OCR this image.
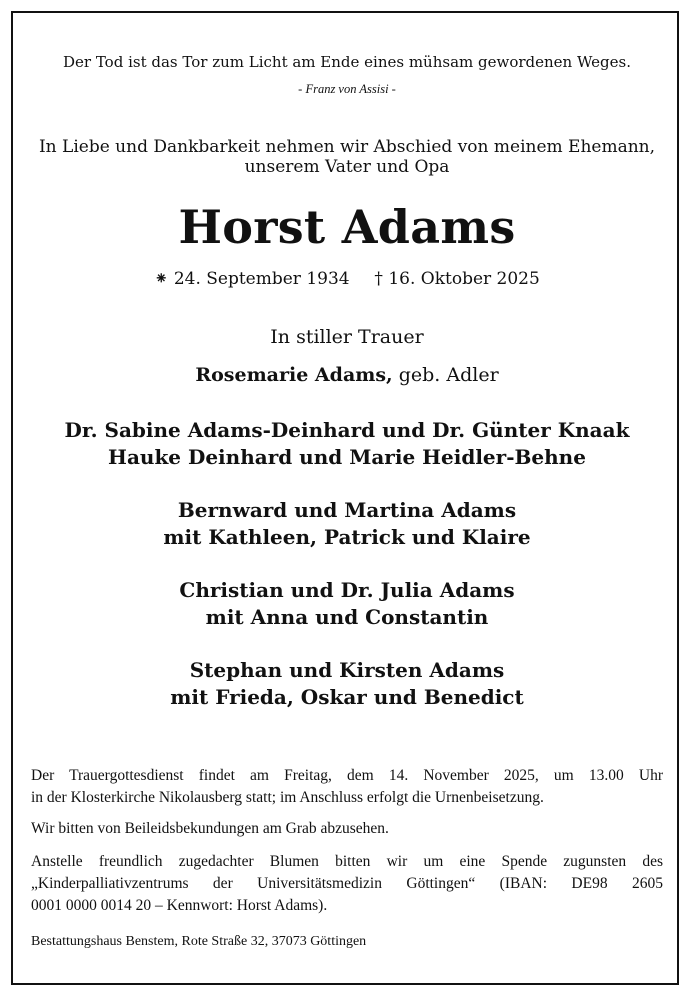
Der Tod ist das Tor zum Licht am Ende eines mühsam gewordenen Weges.
- Franz von Assisi -
In Liebe und Dankbarkeit nehmen wir Abschied von meinem Ehemann,
unserem Vater und Opa
Horst Adams
⁕ 24. September 1934 † 16. Oktober 2025
In stiller Trauer
Rosemarie Adams, geb. Adler
Dr. Sabine Adams-Deinhard und Dr. Günter Knaak
Hauke Deinhard und Marie Heidler-Behne
Bernward und Martina Adams
mit Kathleen, Patrick und Klaire
Christian und Dr. Julia Adams
mit Anna und Constantin
Stephan und Kirsten Adams
mit Frieda, Oskar und Benedict
Der Trauergottesdienst findet am Freitag, dem 14. November 2025, um 13.00 Uhr
in der Klosterkirche Nikolausberg statt; im Anschluss erfolgt die Urnenbeisetzung.
Wir bitten von Beileidsbekundungen am Grab abzusehen.
Anstelle freundlich zugedachter Blumen bitten wir um eine Spende zugunsten des
„Kinderpalliativzentrums der Universitätsmedizin Göttingen“ (IBAN: DE98 2605
0001 0000 0014 20 – Kennwort: Horst Adams).
Bestattungshaus Benstem, Rote Straße 32, 37073 Göttingen
